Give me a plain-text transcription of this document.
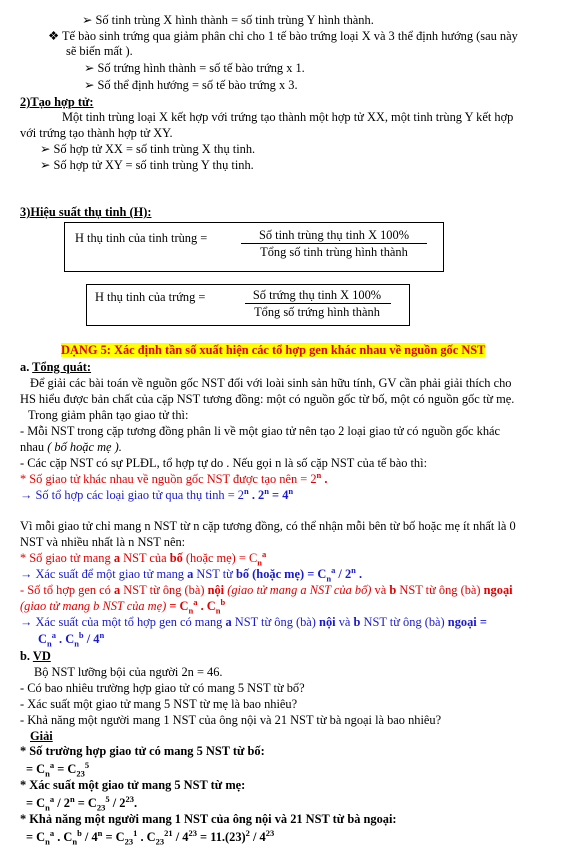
➢ Số tinh trùng X hình thành = số tinh trùng Y hình thành.
❖ Tế bào sinh trứng qua giảm phân chỉ cho 1 tế bào trứng loại X và 3 thể định hướng (sau này
sẽ biến mất ).
➢ Số trứng hình thành = số tế bào trứng x 1.
➢ Số thể định hướng = số tế bào trứng x 3.
2)Tạo hợp tử:
Một tinh trùng loại X kết hợp với trứng tạo thành một hợp tử XX, một tinh trùng Y kết hợp
với trứng tạo thành hợp tử XY.
➢ Số hợp tử XX = số tinh trùng X thụ tinh.
➢ Số hợp tử XY = số tinh trùng Y thụ tinh.
3)Hiệu suất thụ tinh (H):
H thụ tinh của tinh trùng =	Số tinh trùng thụ tinh X 100%
Tổng số tinh trùng hình thành
H thụ tinh của trứng =	Số trứng thụ tinh X 100%
Tổng số trứng hình thành
DẠNG 5: Xác định tần số xuất hiện các tổ hợp gen khác nhau về nguồn gốc NST
a. Tổng quát:
Để giải các bài toán về nguồn gốc NST đối với loài sinh sản hữu tính, GV cần phải giải thích cho
HS hiểu được bản chất của cặp NST tương đồng: một có nguồn gốc từ bố, một có nguồn gốc từ mẹ.
Trong giảm phân tạo giao tử thì:
- Mỗi NST trong cặp tương đồng phân li về một giao tử nên tạo 2 loại giao tử có nguồn gốc khác
nhau ( bố hoặc mẹ ).
- Các cặp NST có sự PLĐL, tổ hợp tự do . Nếu gọi n là số cặp NST của tế bào thì:
* Số giao tử khác nhau về nguồn gốc NST được tạo nên = $2^n$ .
→ Số tổ hợp các loại giao tử qua thụ tinh = $2^n$ . $2^n = 4^n$
Vì mỗi giao tử chỉ mang n NST từ n cặp tương đồng, có thể nhận mỗi bên từ bố hoặc mẹ ít nhất là 0
NST và nhiều nhất là n NST nên:
* Số giao tử mang a NST của bố (hoặc mẹ) = $C_n^a$
→ Xác suất để một giao tử mang a NST từ bố (hoặc mẹ) = $C_n^a / 2^n$ .
- Số tổ hợp gen có a NST từ ông (bà) nội (giao tử mang a NST của bố) và b NST từ ông (bà) ngoại
(giao tử mang b NST của mẹ) = $C_n^a$ . $C_n^b$
→ Xác suất của một tổ hợp gen có mang a NST từ ông (bà) nội và b NST từ ông (bà) ngoại =
$C_n^a$ . $C_n^b / 4^n$
b. VD
Bộ NST lưỡng bội của người 2n = 46.
- Có bao nhiêu trường hợp giao tử có mang 5 NST từ bố?
- Xác suất một giao tử mang 5 NST từ mẹ là bao nhiêu?
- Khả năng một người mang 1 NST của ông nội và 21 NST từ bà ngoại là bao nhiêu?
Giải
* Số trường hợp giao tử có mang 5 NST từ bố:
= $C_n^a = C_{23}^5$
* Xác suất một giao tử mang 5 NST từ mẹ:
= $C_n^a / 2^n = C_{23}^5 / 2^{23}$.
* Khả năng một người mang 1 NST của ông nội và 21 NST từ bà ngoại:
= $C_n^a$ . $C_n^b / 4^n = C_{23}^1$ . $C_{23}^{21} / 4^{23} = 11.(23)^2 / 4^{23}$
